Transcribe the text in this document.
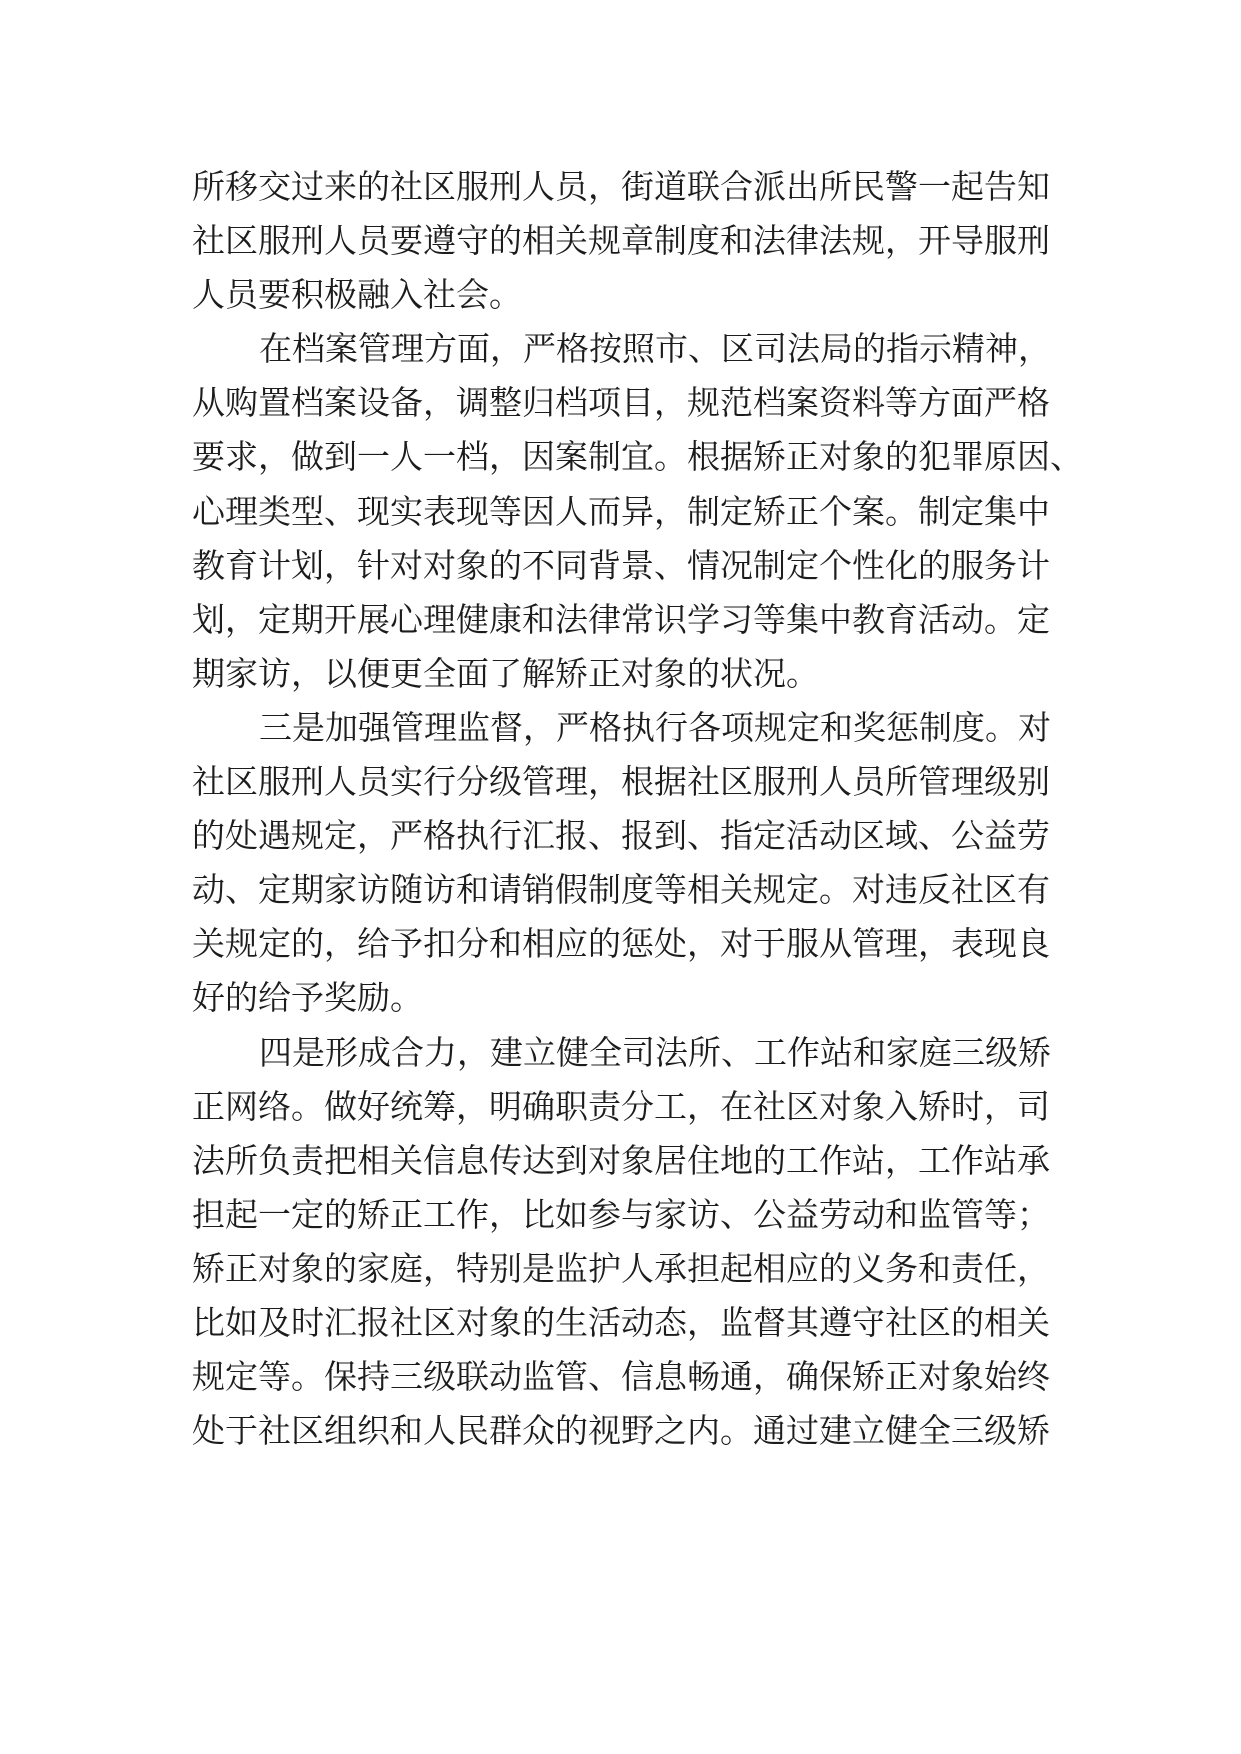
所移交过来的社区服刑人员，街道联合派出所民警一起告知
社区服刑人员要遵守的相关规章制度和法律法规，开导服刑
人员要积极融入社会。
在档案管理方面，严格按照市、区司法局的指示精神，
从购置档案设备，调整归档项目，规范档案资料等方面严格
要求，做到一人一档，因案制宜。根据矫正对象的犯罪原因、
心理类型、现实表现等因人而异，制定矫正个案。制定集中
教育计划，针对对象的不同背景、情况制定个性化的服务计
划，定期开展心理健康和法律常识学习等集中教育活动。定
期家访，以便更全面了解矫正对象的状况。
三是加强管理监督，严格执行各项规定和奖惩制度。对
社区服刑人员实行分级管理，根据社区服刑人员所管理级别
的处遇规定，严格执行汇报、报到、指定活动区域、公益劳
动、定期家访随访和请销假制度等相关规定。对违反社区有
关规定的，给予扣分和相应的惩处，对于服从管理，表现良
好的给予奖励。
四是形成合力，建立健全司法所、工作站和家庭三级矫
正网络。做好统筹，明确职责分工，在社区对象入矫时，司
法所负责把相关信息传达到对象居住地的工作站，工作站承
担起一定的矫正工作，比如参与家访、公益劳动和监管等；
矫正对象的家庭，特别是监护人承担起相应的义务和责任，
比如及时汇报社区对象的生活动态，监督其遵守社区的相关
规定等。保持三级联动监管、信息畅通，确保矫正对象始终
处于社区组织和人民群众的视野之内。通过建立健全三级矫
